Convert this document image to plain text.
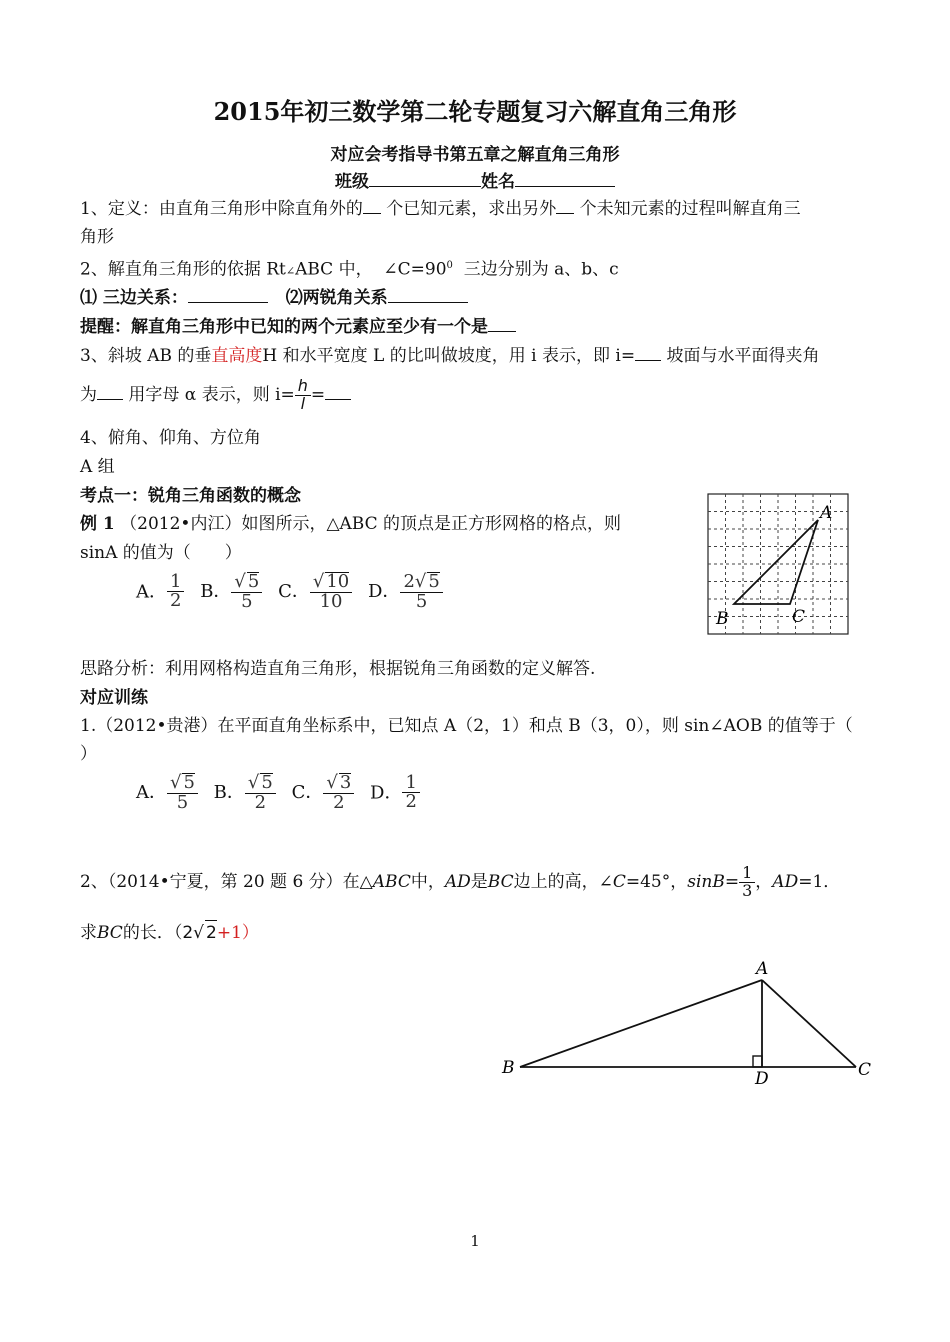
2015年初三数学第二轮专题复习六解直角三角形
对应会考指导书第五章之解直角三角形
班级	姓名
1、定义：由直角三角形中除直角外的 个已知元素，求出另外 个未知元素的过程叫解直角三
角形
2、解直角三角形的依据 Rt∠ABC 中， $\angle C=90^0$ 三边分别为 a、b、c
⑴ 三边关系：	⑵两锐角关系
提醒：解直角三角形中已知的两个元素应至少有一个是
3、斜坡 AB 的垂直高度H 和水平宽度 L 的比叫做坡度，用 i 表示，即 i= 坡面与水平面得夹角
为 用字母 α 表示，则 $i= \frac{h}{l}$ =
4、俯角、仰角、方位角
A 组
考点一：锐角三角函数的概念
例 1 （2012•内江）如图所示，△ABC 的顶点是正方形网格的格点，则
sinA 的值为（　　）
A． $\frac{1}{2}$ B． $\frac{√ 5}{5}$ C． $\frac{√ 10}{10}$ D． $\frac{2√ 5}{5}$
A
B	C
思路分析：利用网格构造直角三角形，根据锐角三角函数的定义解答.
对应训练
1.（2012•贵港）在平面直角坐标系中，已知点 A（2，1）和点 B（3，0），则 sin∠AOB 的值等于（
）
A． $\frac{√ 5}{5}$ B． $\frac{√ 5}{2}$ C． $\frac{√ 3}{2}$ D． $\frac{1}{2}$
2、（2014•宁夏，第 20 题 6 分）在△ABC中，AD是BC边上的高，∠C=45°，$\sin B= \frac{1}{3}$ ，AD=1．
求BC的长．（2√ 2+1）
A
B	C
D
1
